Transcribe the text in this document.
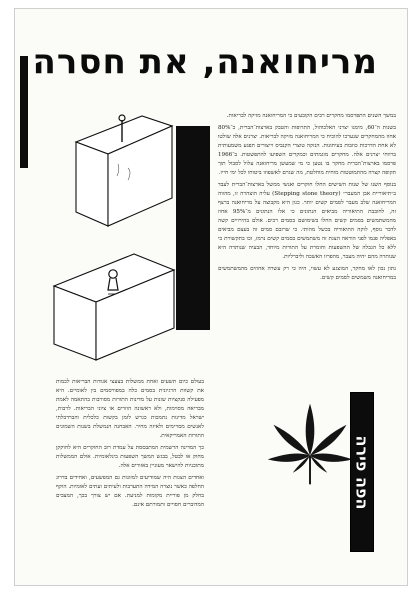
מריחואנה, את חסרה

במשך השנים התפרסמו מחקרים רבים הקובעים כי המריחואנה מזיקה לבריאות.

בשנות ה־60, מימנו יצרני האלכוהול, התרופות והטבק בארצות־הברית, כ־80% אחוז מהמחקרים שנערכו להוכיח כי המריחואנה מזיקה לבריאות. יצרנים אלה שולטו לא אחת הדרכות כוזבות בעיתונות. הנזקה טוצרי הקנביס וייצורים תפגע משמעותית ברווחי יצרנים אלה. מחקרים מוגמתים וכמקרים השפיעו להתפשטות. ב־1966 פרסמו בארצות־הברית מחקר בו נטען כי מי שמעשן מריחואנה עלול לסבול תוך תקופה קצרה מהתמוטטות מוחית מוחלטת, מה שגרם לאשפוזו ביטוחו לכל ימי חייו.

בנוסף השנו של שנות השישים החלו חוקרים ואנשי ממשל בארצות־הברית לעבד ב״תיאוריית אבן המעבר״ (Stepping stone theory) עליה הוצהרה זו, מהווה המריחואנה שלב מעבר לסמים קשים יותר. כגון היא מקבוצה על מריחואנה ברצף זה, לחובבת התיאוריה מביאים הנתונים כי אלו הנתונים מ־95% אחוז מהמשתמשים בסמים קשים החלו בשימושם בסמים רכים. אולם בהירויים קשה לדבר נוסף, לוקה התיאוריה בכשל מהותי. כי שרובם סמים זה בעצם מביאים באפליה פנמו לפני הוראה הצגת זה משתמשים בסמים קשים נרמז, זכו בתקשורת כי ללא כל הגבלה של ההשפעות וחומרת על התורות מיוחד, הבעיה שנותרה היא שנותרה מהם יהיה מעבר, מהפרזו האשכה וליברליות.

נתון נכון לאו מחקר, המוצגע לא עשוי, היה כי רק עשרה אחוזים מהמשתמשים במריחואנה משמשים לסמים קשים.

בעולם כיום תשעים ואחת ממשלות בצעצי אגודות הבריאות לכמות את קשוות הרגיונית בסמים כלה במפורסמים בין לאומיים. היא מפעילה סנקציות שונות על מדינות התורות מסורבות בהתאמה לאמת מבריאה מסוימות, ולא ראשונה הוזרים או ציוני הבריאות. לרבות, ישראל מדינות נתמכות כגרש לזמן בקשות כלכלית והברדבלתי לאנשים מסויימים ולאיזה מחיר. האבחנה הנמשלת בשנות השמונים התורות האמריקאית.

כך המדינה הרשמית המתבססת על עמדת רוב החוקרים היא לחוקקן מחוק או לבטל, בבגש המשך השפעות בינלאומיות. אולם הממשלות מתוכניות להישאר מעוניין באזורים אלה.

ואחדים הצגות היה שמודיעים למזונות גם המפשעים, ואחידים בדרוג החלפה כאשר נוצרה המידה התערבות ולעיתים ועתים לאומיות. הוקף בחלק מן פוריית מקומות למניעת. אם יש צורך בכך, המצבים המדוברים חסויים ותמורתם אינם.	הפה פירה
